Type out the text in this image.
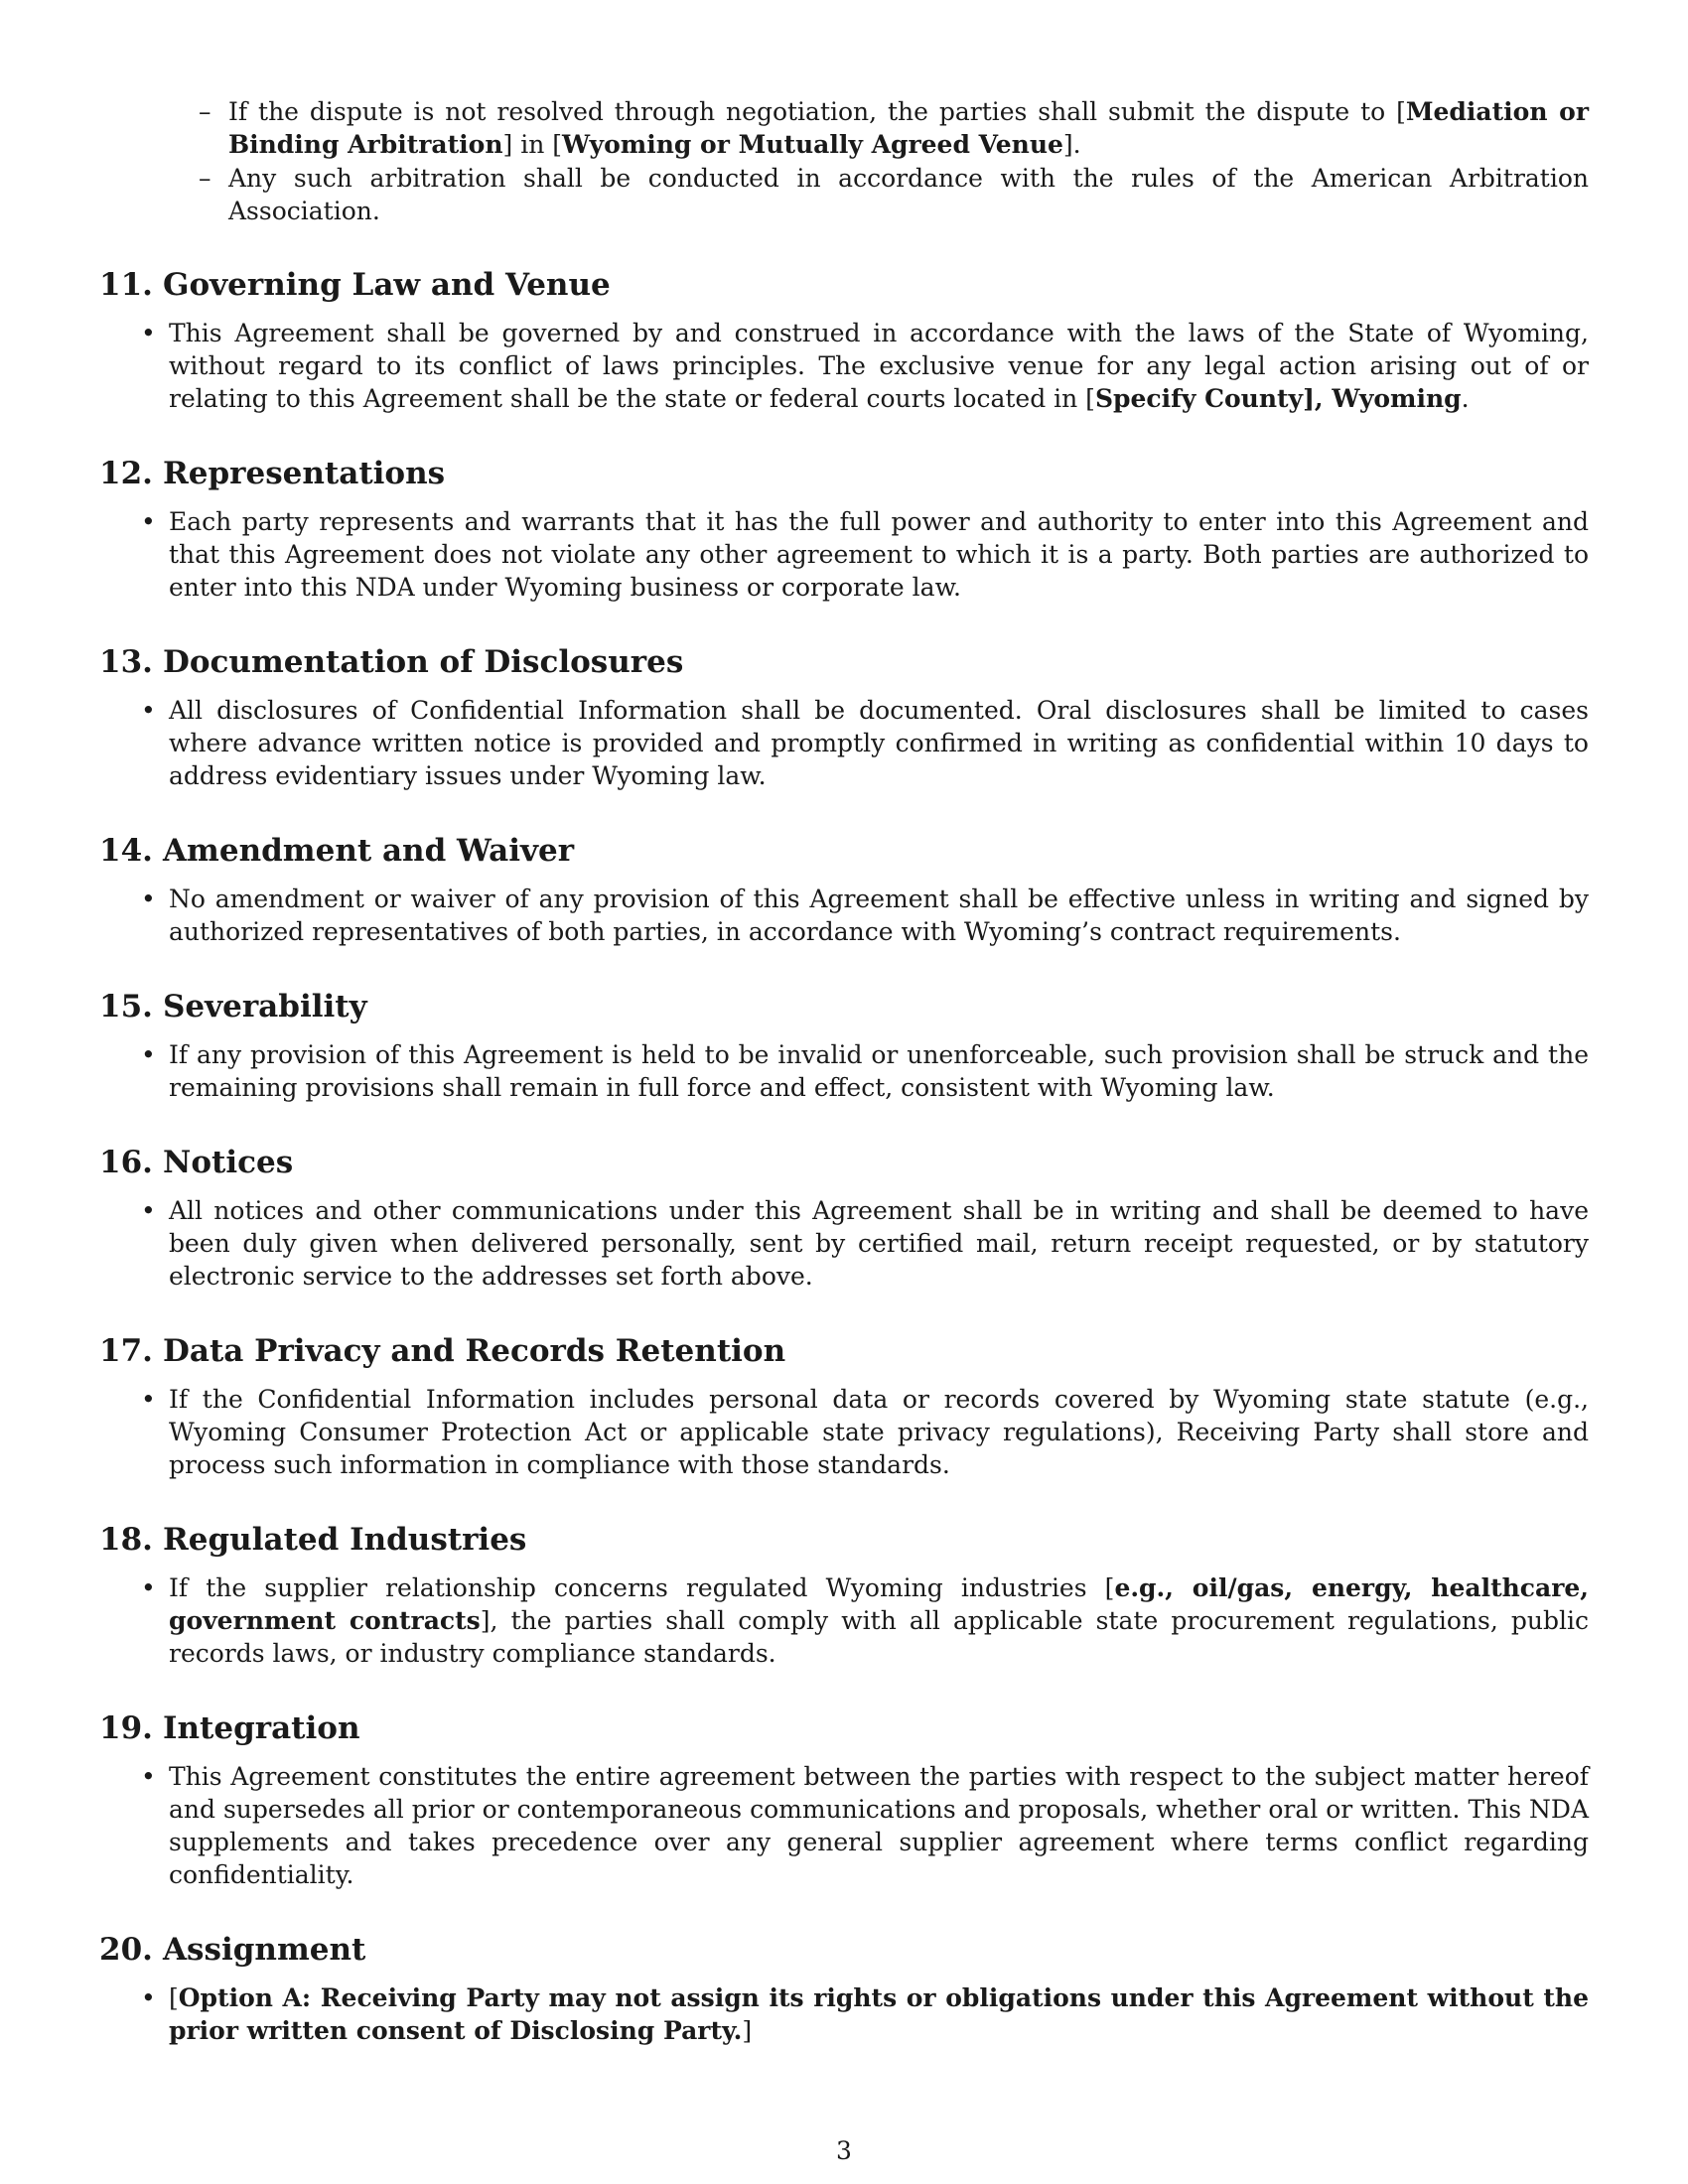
– If the dispute is not resolved through negotiation, the parties shall submit the dispute to [Mediation or Binding Arbitration] in [Wyoming or Mutually Agreed Venue].
– Any such arbitration shall be conducted in accordance with the rules of the American Arbitration Association.
11. Governing Law and Venue
• This Agreement shall be governed by and construed in accordance with the laws of the State of Wyoming, without regard to its conflict of laws principles. The exclusive venue for any legal action arising out of or relating to this Agreement shall be the state or federal courts located in [Specify County], Wyoming.
12. Representations
• Each party represents and warrants that it has the full power and authority to enter into this Agreement and that this Agreement does not violate any other agreement to which it is a party. Both parties are authorized to enter into this NDA under Wyoming business or corporate law.
13. Documentation of Disclosures
• All disclosures of Confidential Information shall be documented. Oral disclosures shall be limited to cases where advance written notice is provided and promptly confirmed in writing as confidential within 10 days to address evidentiary issues under Wyoming law.
14. Amendment and Waiver
• No amendment or waiver of any provision of this Agreement shall be effective unless in writing and signed by authorized representatives of both parties, in accordance with Wyoming’s contract requirements.
15. Severability
• If any provision of this Agreement is held to be invalid or unenforceable, such provision shall be struck and the remaining provisions shall remain in full force and effect, consistent with Wyoming law.
16. Notices
• All notices and other communications under this Agreement shall be in writing and shall be deemed to have been duly given when delivered personally, sent by certified mail, return receipt requested, or by statutory electronic service to the addresses set forth above.
17. Data Privacy and Records Retention
• If the Confidential Information includes personal data or records covered by Wyoming state statute (e.g., Wyoming Consumer Protection Act or applicable state privacy regulations), Receiving Party shall store and process such information in compliance with those standards.
18. Regulated Industries
• If the supplier relationship concerns regulated Wyoming industries [e.g., oil/gas, energy, healthcare, government contracts], the parties shall comply with all applicable state procurement regulations, public records laws, or industry compliance standards.
19. Integration
• This Agreement constitutes the entire agreement between the parties with respect to the subject matter hereof and supersedes all prior or contemporaneous communications and proposals, whether oral or written. This NDA supplements and takes precedence over any general supplier agreement where terms conflict regarding confidentiality.
20. Assignment
• [Option A: Receiving Party may not assign its rights or obligations under this Agreement without the prior written consent of Disclosing Party.]
3
